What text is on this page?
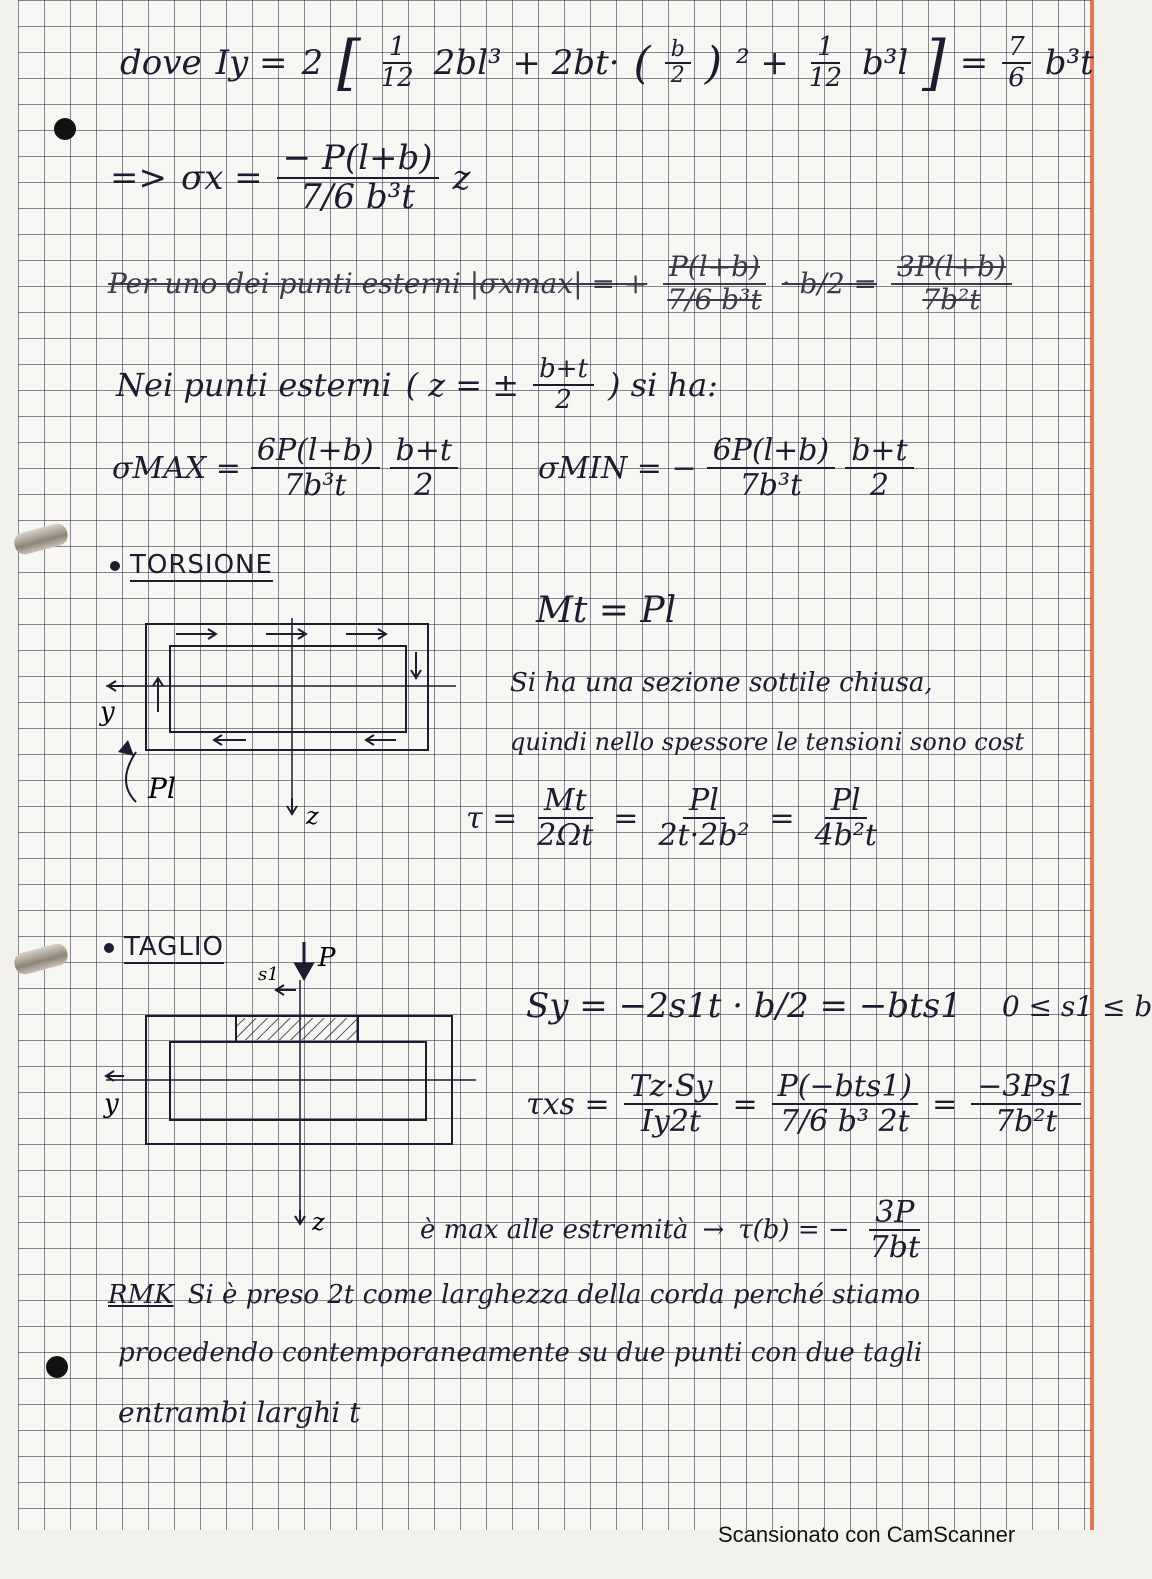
dove Iy = 2 [ $\frac{1}{12} 2bl^3 + 2bt\cdot$ ( $\frac{b}{2}$ ) $^2 + \frac{1}{12} b^3l$ ] = $\frac{7}{6} b^3t$
=> $\sigma x = \frac{- P(l+b)}{\text{7/6 b³t}}$ z
Per uno dei punti esterni |σxmax| = + $\frac{P(l+b)}{\text{7/6 b³t}} \cdot b/2 = \frac{3P(l+b)}{\text{7b²t}}$
Nei punti esterni ( z = ± $\frac{b+t}{2}$ ) si ha:
$\sigma MAX = \frac{6P(l+b)}{\text{7b³t}} \frac{b+t}{2}$	σMIN = − $\frac{6P(l+b)}{\text{7b³t}} \frac{b+t}{2}$
TORSIONE
y
z
Pl
Mt = Pl
Si ha una sezione sottile chiusa,
quindi nello spessore le tensioni sono cost
$\tau = \frac{Mt}{2\Omega t} = \frac{Pl}{\text{2t·2b²}} = \frac{Pl}{\text{4b²t}}$
TAGLIO	P
s1
y
z
Sy = −2s1t · b/2 = −bts1 0 ≤ s1 ≤ b
$\tau xs = \frac{Tz\cdot Sy}{Iy2t} = \frac{\text{P(−bts1)}}{\text{7/6 b³ 2t}} = \frac{-3Ps1}{\text{7b²t}}$
è max alle estremità → τ(b) = − $\frac{3P}{7bt}$
RMK Si è preso 2t come larghezza della corda perché stiamo
procedendo contemporaneamente su due punti con due tagli
entrambi larghi t
Scansionato con CamScanner
